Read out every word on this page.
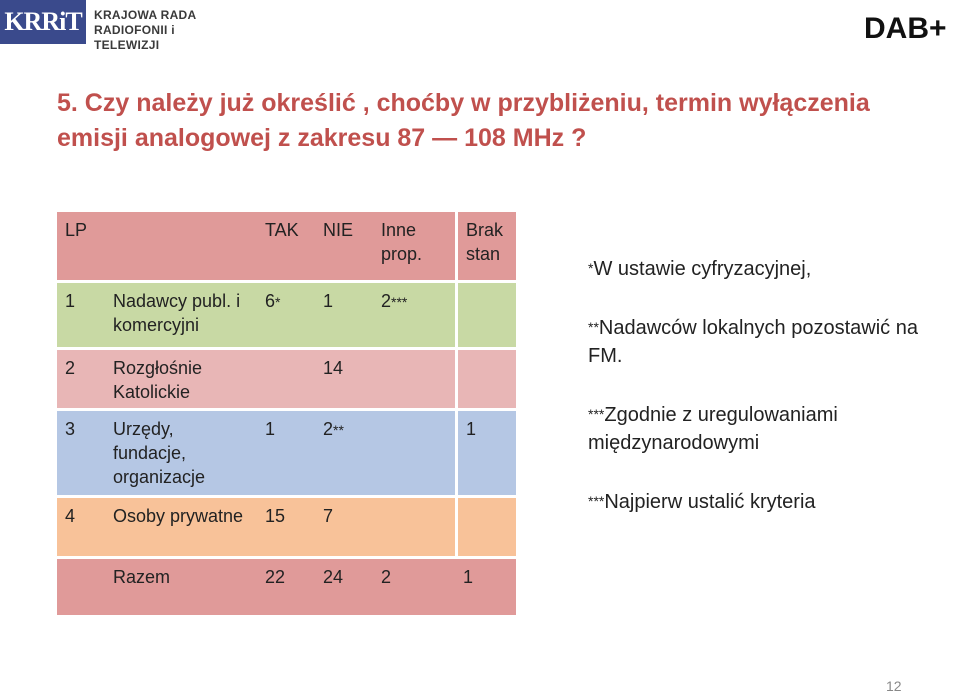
KRRiT	KRAJOWA RADA
RADIOFONII i TELEWIZJI	DAB+
5. Czy należy już określić , choćby w przybliżeniu, termin wyłączenia emisji analogowej z zakresu 87 — 108 MHz ?
LP		TAK	NIE	Inne prop.	Brak stan
1	Nadawcy publ. i komercyjni	6*	1	2***	
2	Rozgłośnie Katolickie		14		
3	Urzędy, fundacje, organizacje	1	2**		1
4	Osoby prywatne	15	7		
	Razem	22	24	2	1
*W ustawie cyfryzacyjnej,
**Nadawców lokalnych pozostawić na FM.
***Zgodnie z uregulowaniami międzynarodowymi
***Najpierw ustalić kryteria
12
